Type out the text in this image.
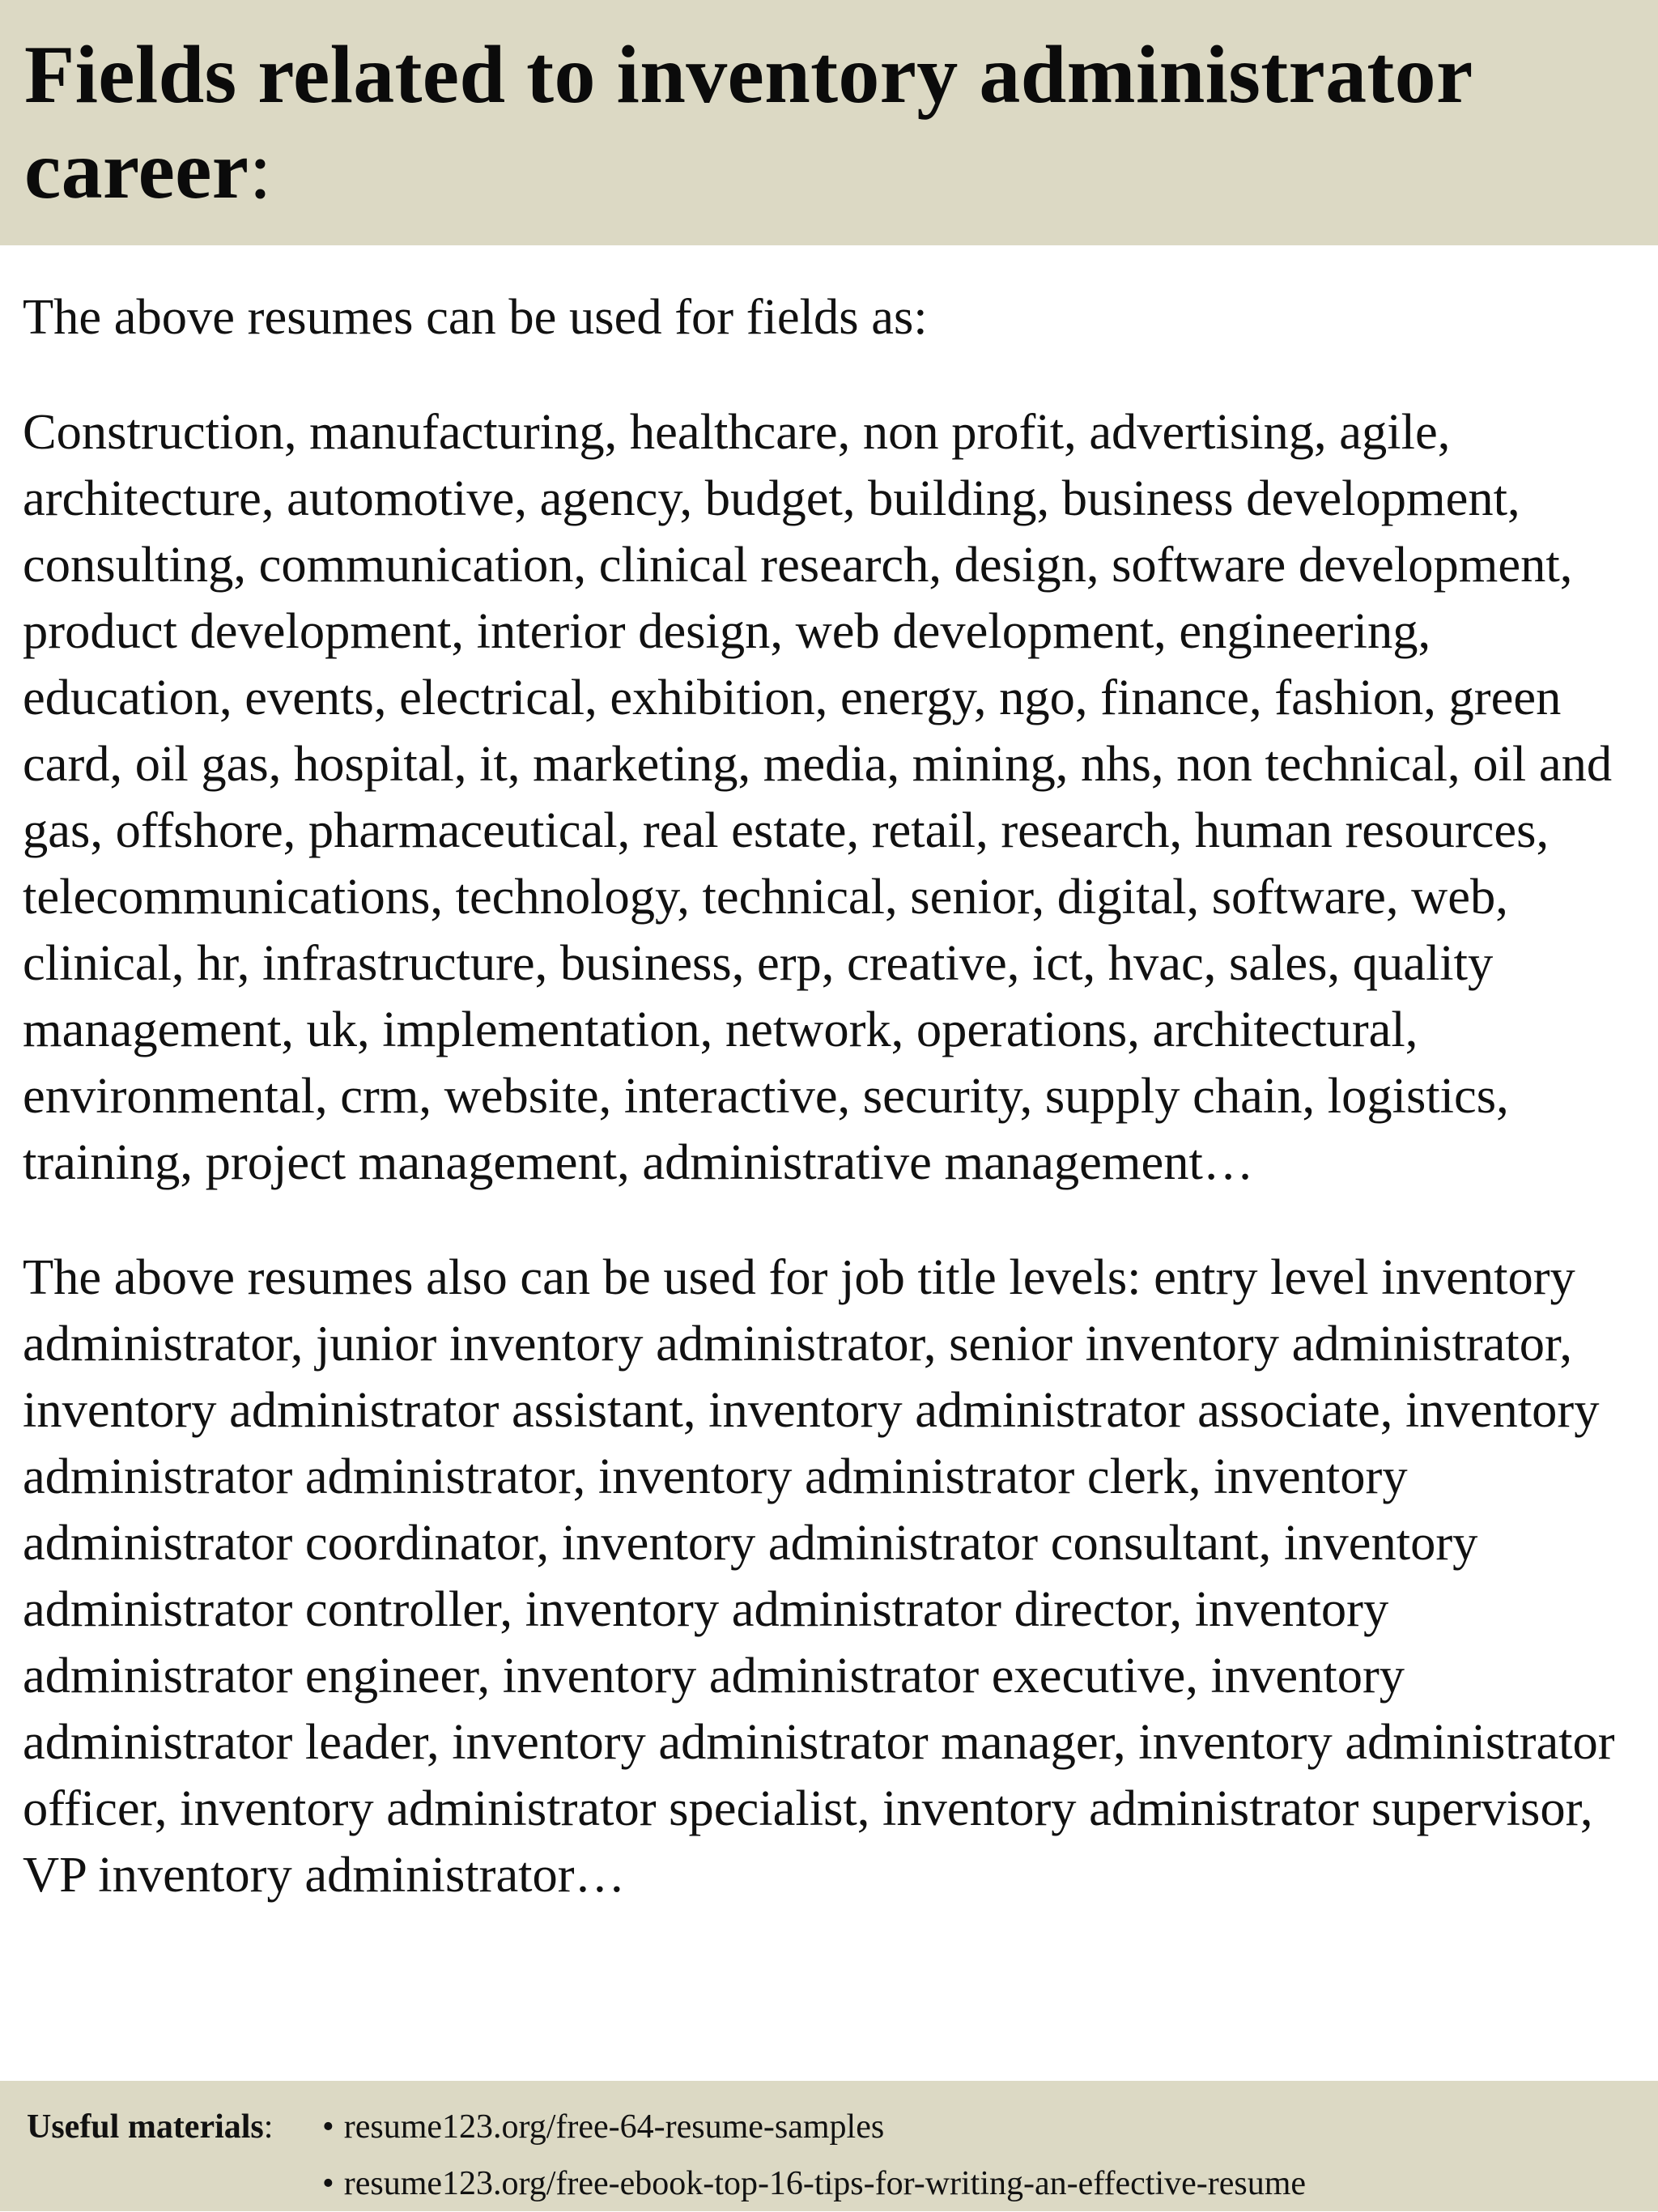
Fields related to inventory administrator career:

The above resumes can be used for fields as:

Construction, manufacturing, healthcare, non profit, advertising, agile, architecture, automotive, agency, budget, building, business development, consulting, communication, clinical research, design, software development, product development, interior design, web development, engineering, education, events, electrical, exhibition, energy, ngo, finance, fashion, green card, oil gas, hospital, it, marketing, media, mining, nhs, non technical, oil and gas, offshore, pharmaceutical, real estate, retail, research, human resources, telecommunications, technology, technical, senior, digital, software, web, clinical, hr, infrastructure, business, erp, creative, ict, hvac, sales, quality management, uk, implementation, network, operations, architectural, environmental, crm, website, interactive, security, supply chain, logistics, training, project management, administrative management…

The above resumes also can be used for job title levels: entry level inventory administrator, junior inventory administrator, senior inventory administrator, inventory administrator assistant, inventory administrator associate, inventory administrator administrator, inventory administrator clerk, inventory administrator coordinator, inventory administrator consultant, inventory administrator controller, inventory administrator director, inventory administrator engineer, inventory administrator executive, inventory administrator leader, inventory administrator manager, inventory administrator officer, inventory administrator specialist, inventory administrator supervisor, VP inventory administrator…

Useful materials:	• resume123.org/free-64-resume-samples
• resume123.org/free-ebook-top-16-tips-for-writing-an-effective-resume
